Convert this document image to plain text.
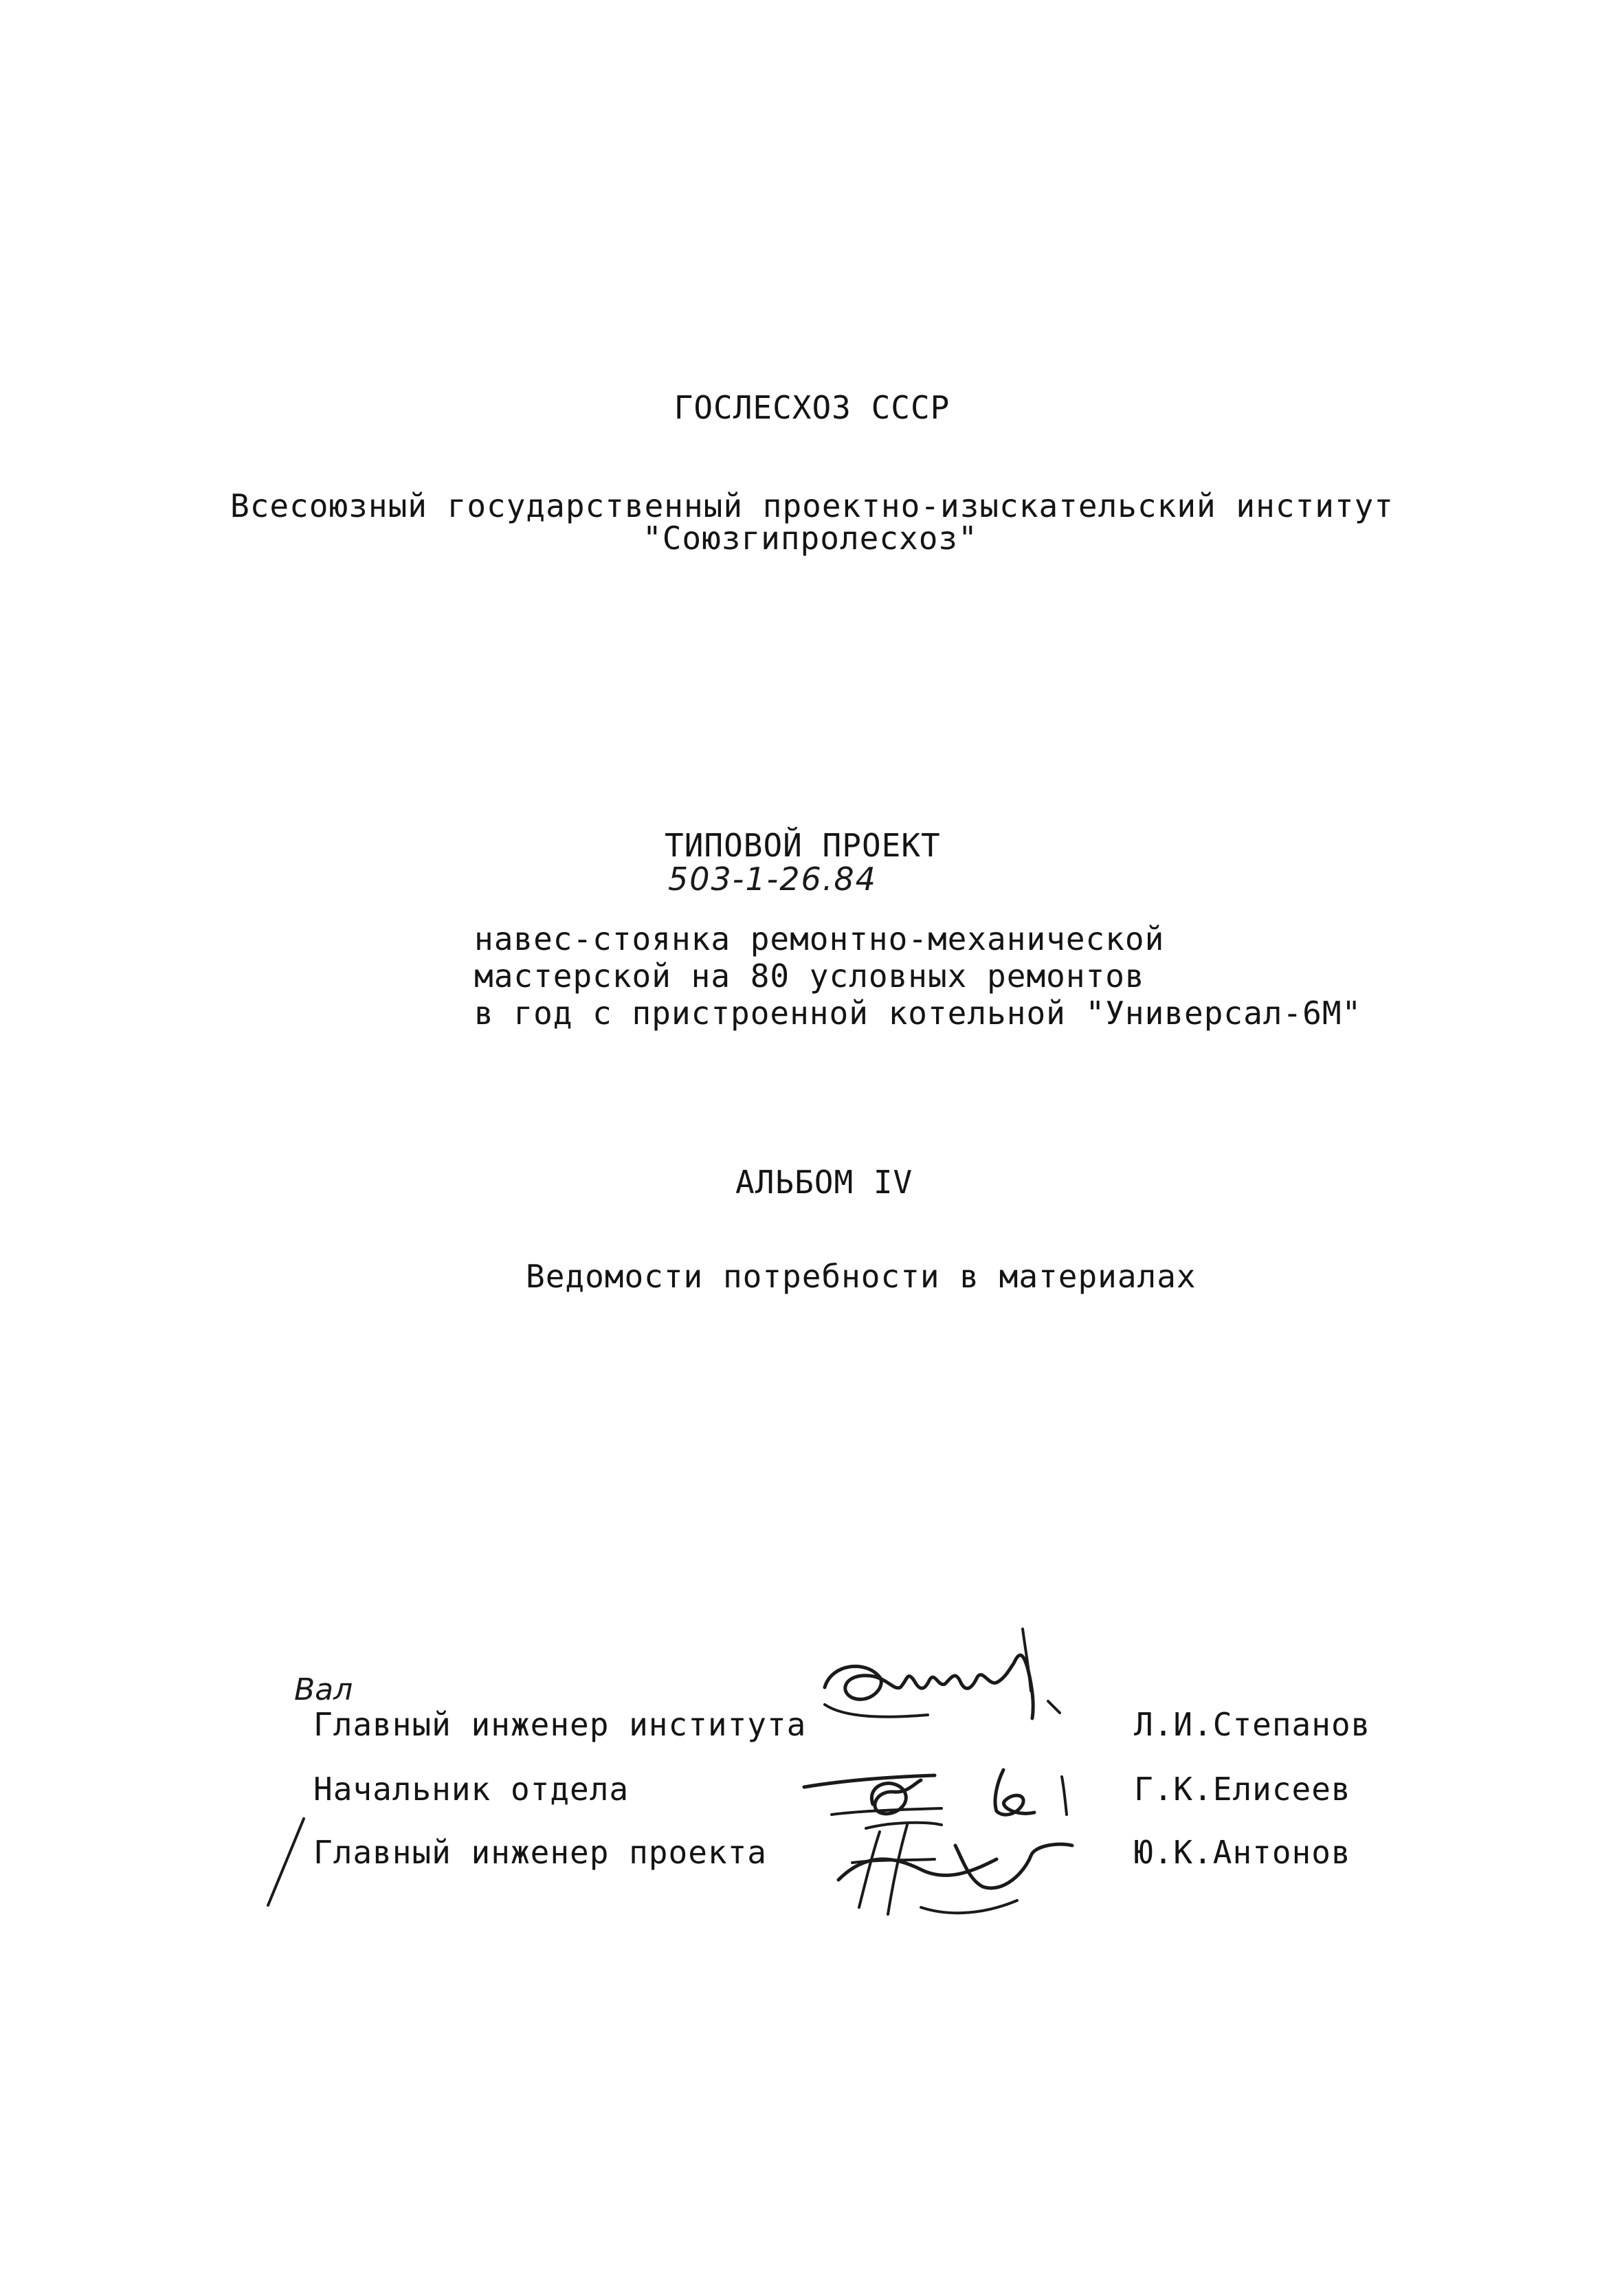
ГОСЛЕСХОЗ СССР
Всесоюзный государственный проектно-изыскательский институт
"Союзгипролесхоз"
ТИПОВОЙ ПРОЕКТ
503-1-26.84
навес-стоянка ремонтно-механической
мастерской на 80 условных ремонтов
в год с пристроенной котельной "Универсал-6М"
АЛЬБОМ IV
Ведомости потребности в материалах
Вал
Главный инженер института	Л.И.Степанов
Начальник отдела	Г.К.Елисеев
Главный инженер проекта	Ю.К.Антонов
